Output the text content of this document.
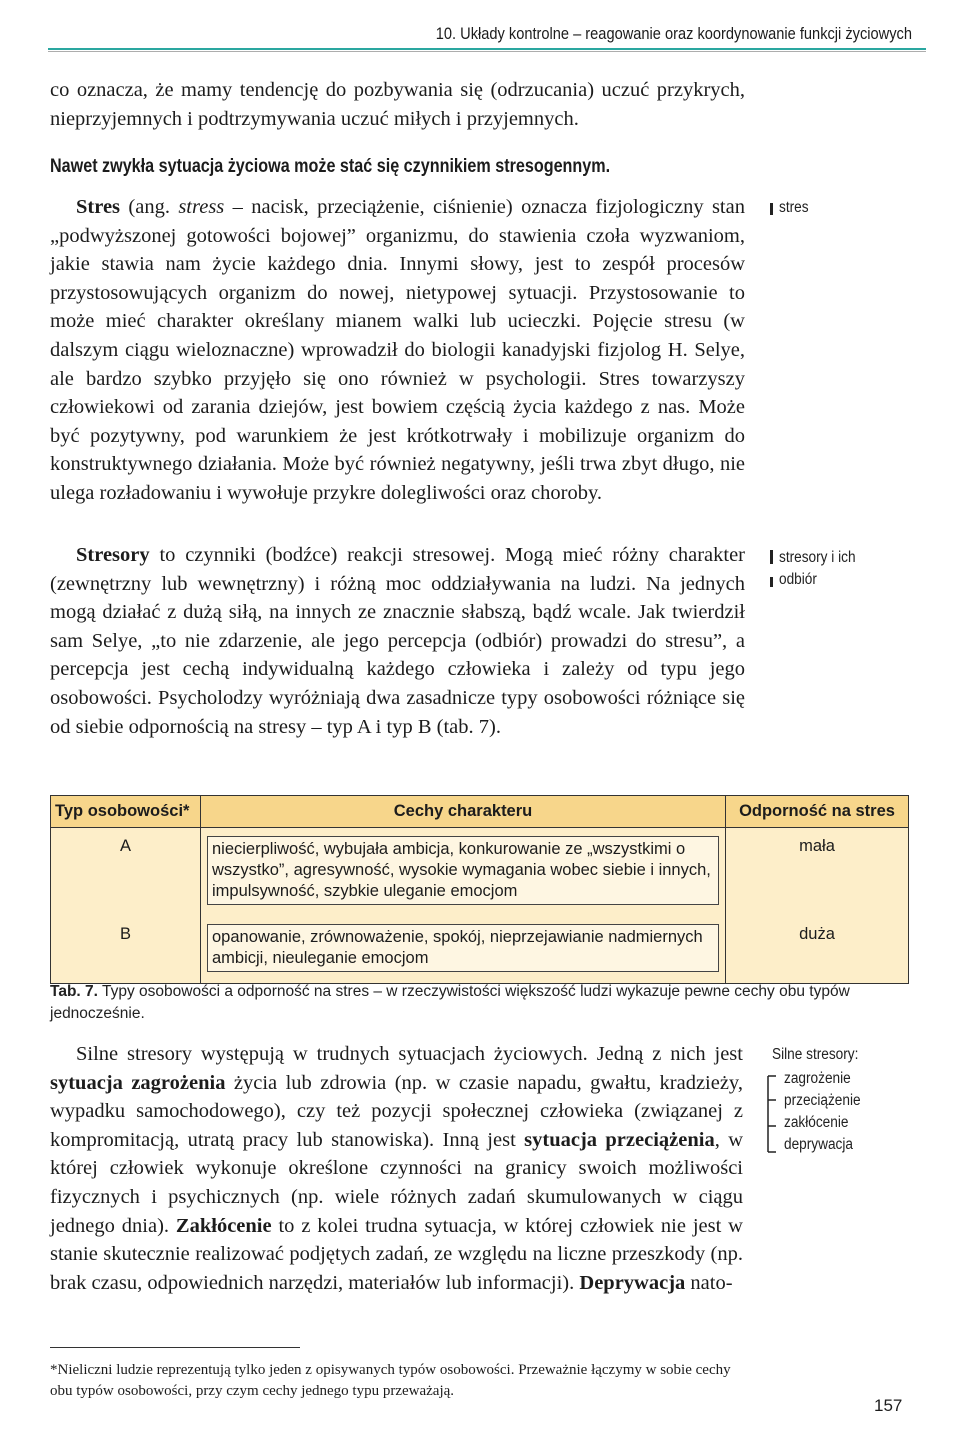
10. Układy kontrolne – reagowanie oraz koordynowanie funkcji życiowych
co oznacza, że mamy tendencję do pozbywania się (odrzucania) uczuć przykrych, nieprzyjemnych i podtrzymywania uczuć miłych i przyjemnych.
Nawet zwykła sytuacja życiowa może stać się czynnikiem stresogennym.
Stres (ang. stress – nacisk, przeciążenie, ciśnienie) oznacza fizjologiczny stan „podwyższonej gotowości bojowej” organizmu, do stawienia czoła wyzwaniom, jakie stawia nam życie każdego dnia. Innymi słowy, jest to zespół procesów przystosowujących organizm do nowej, nietypowej sytuacji. Przystosowanie to może mieć charakter określany mianem walki lub ucieczki. Pojęcie stresu (w dalszym ciągu wieloznaczne) wprowadził do biologii kanadyjski fizjolog H. Selye, ale bardzo szybko przyjęło się ono również w psychologii. Stres towarzyszy człowiekowi od zarania dziejów, jest bowiem częścią życia każdego z nas. Może być pozytywny, pod warunkiem że jest krótkotrwały i mobilizuje organizm do konstruktywnego działania. Może być również negatywny, jeśli trwa zbyt długo, nie ulega rozładowaniu i wywołuje przykre dolegliwości oraz choroby.
Stresory to czynniki (bodźce) reakcji stresowej. Mogą mieć różny charakter (zewnętrzny lub wewnętrzny) i różną moc oddziaływania na ludzi. Na jednych mogą działać z dużą siłą, na innych ze znacznie słabszą, bądź wcale. Jak twierdził sam Selye, „to nie zdarzenie, ale jego percepcja (odbiór) prowadzi do stresu”, a percepcja jest cechą indywidualną każdego człowieka i zależy od typu jego osobowości. Psycholodzy wyróżniają dwa zasadnicze typy osobowości różniące się od siebie odpornością na stresy – typ A i typ B (tab. 7).
stres
stresory i ich
odbiór
Silne stresory:
zagrożenie
przeciążenie
zakłócenie
deprywacja
Typ osobowości*	Cechy charakteru	Odporność na stres
A	niecierpliwość, wybujała ambicja, konkurowanie ze „wszystkimi o wszystko”, agresywność, wysokie wymagania wobec siebie i innych, impulsywność, szybkie uleganie emocjom	mała
B	opanowanie, zrównoważenie, spokój, nieprzejawianie nadmiernych ambicji, nieuleganie emocjom	duża
Tab. 7. Typy osobowości a odporność na stres – w rzeczywistości większość ludzi wykazuje pewne cechy obu typów jednocześnie.
Silne stresory występują w trudnych sytuacjach życiowych. Jedną z nich jest sytuacja zagrożenia życia lub zdrowia (np. w czasie napadu, gwałtu, kradzieży, wypadku samochodowego), czy też pozycji społecznej człowieka (związanej z kompromitacją, utratą pracy lub stanowiska). Inną jest sytuacja przeciążenia, w której człowiek wykonuje określone czynności na granicy swoich możliwości fizycznych i psychicznych (np. wiele różnych zadań skumulowanych w ciągu jednego dnia). Zakłócenie to z kolei trudna sytuacja, w której człowiek nie jest w stanie skutecznie realizować podjętych zadań, ze względu na liczne przeszkody (np. brak czasu, odpowiednich narzędzi, materiałów lub informacji). Deprywacja nato-
*Nieliczni ludzie reprezentują tylko jeden z opisywanych typów osobowości. Przeważnie łączymy w sobie cechy obu typów osobowości, przy czym cechy jednego typu przeważają.
157
